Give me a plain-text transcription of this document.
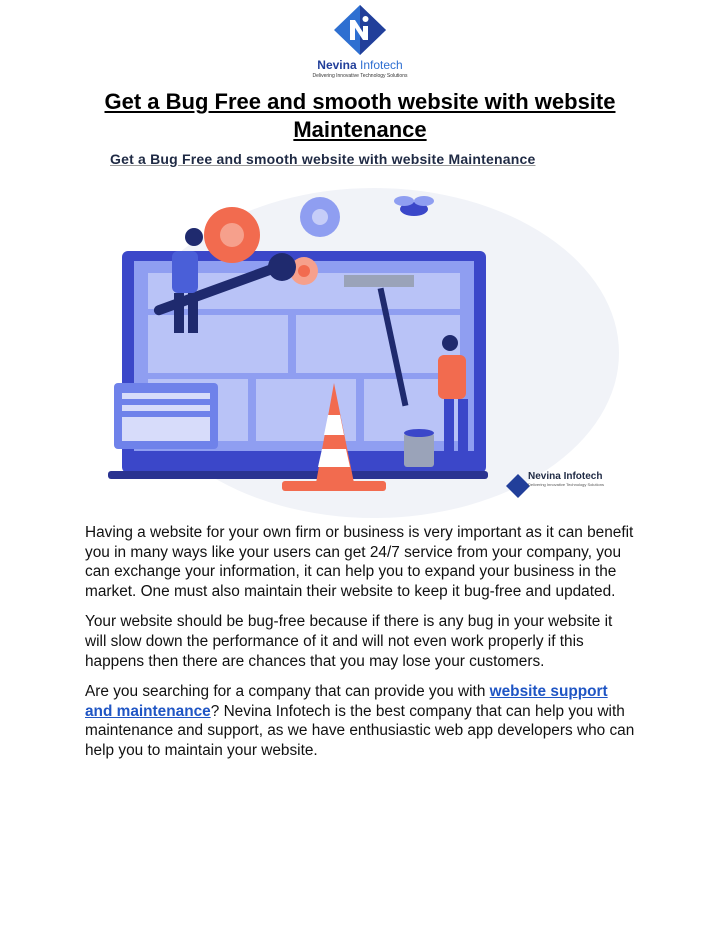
Nevina Infotech
Delivering Innovative Technology Solutions
Get a Bug Free and smooth website with website Maintenance
Get a Bug Free and smooth website with website Maintenance
Nevina Infotech
Delivering Innovative Technology Solutions

Having a website for your own firm or business is very important as it can benefit you in many ways like your users can get 24/7 service from your company, you can exchange your information, it can help you to expand your business in the market. One must also maintain their website to keep it bug-free and updated.

Your website should be bug-free because if there is any bug in your website it will slow down the performance of it and will not even work properly if this happens then there are chances that you may lose your customers.

Are you searching for a company that can provide you with website support and maintenance? Nevina Infotech is the best company that can help you with maintenance and support, as we have enthusiastic web app developers who can help you to maintain your website.
